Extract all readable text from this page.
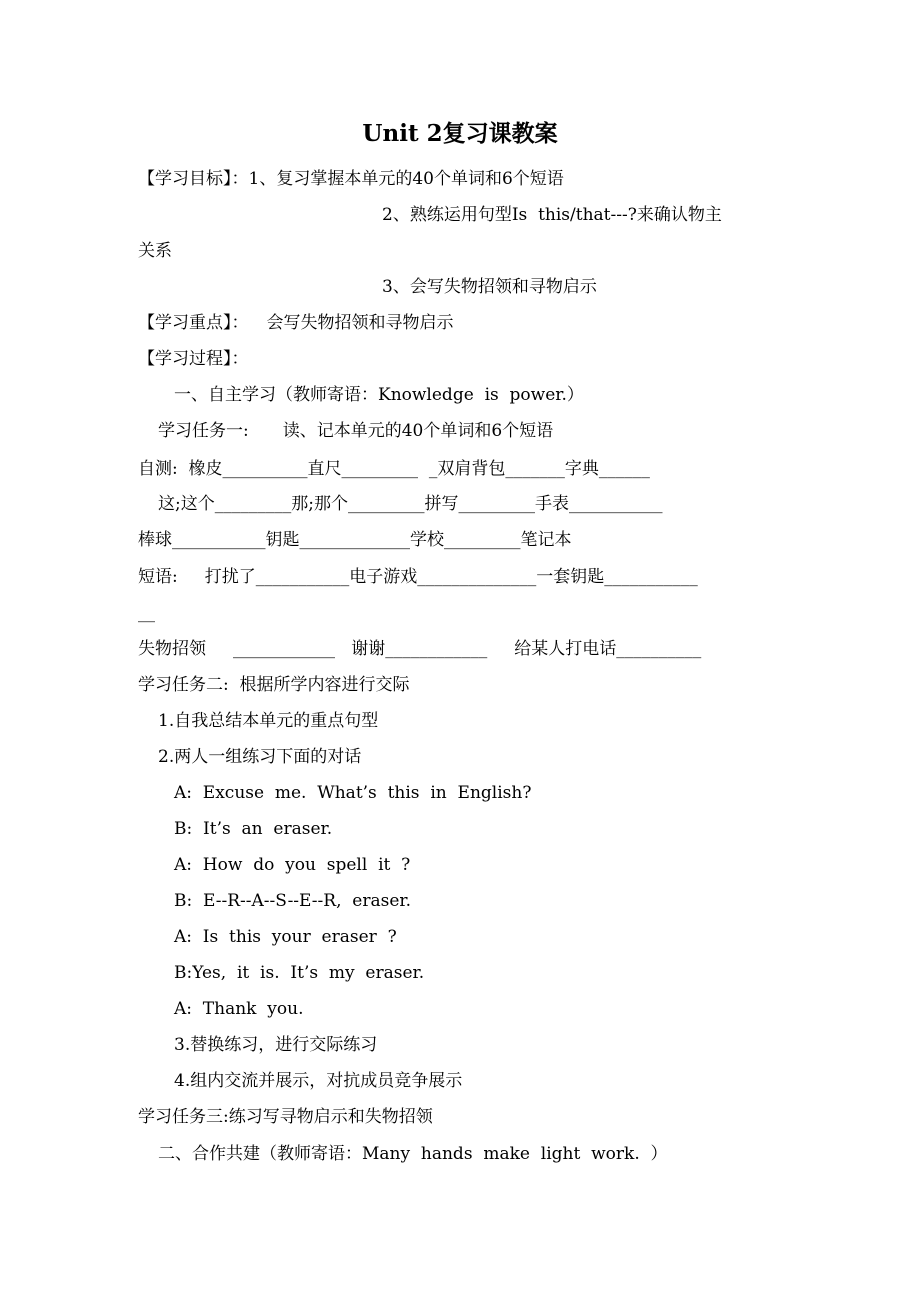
Unit 2复习课教案
【学习目标】：1、复习掌握本单元的40个单词和6个短语
2、熟练运用句型Is  this/that---?来确认物主
关系
3、会写失物招领和寻物启示
【学习重点】： 会写失物招领和寻物启示
【学习过程】：
一、自主学习（教师寄语：Knowledge  is  power.）
学习任务一: 读、记本单元的40个单词和6个短语
自测:  橡皮__________直尺_________  _双肩背包_______字典______
这;这个_________那;那个_________拼写_________手表___________
棒球___________钥匙_____________学校_________笔记本
短语:     打扰了___________电子游戏______________一套钥匙___________
__
失物招领     ____________   谢谢____________     给某人打电话__________
学习任务二:  根据所学内容进行交际
1.自我总结本单元的重点句型
2.两人一组练习下面的对话
A:  Excuse  me.  What’s  this  in  English?
B:  It’s  an  eraser.
A:  How  do  you  spell  it  ?
B:  E--R--A--S--E--R,  eraser.
A:  Is  this  your  eraser  ?
B:Yes,  it  is.  It’s  my  eraser.
A:  Thank  you.
3.替换练习，进行交际练习
4.组内交流并展示，对抗成员竞争展示
学习任务三:练习写寻物启示和失物招领
二、合作共建（教师寄语：Many  hands  make  light  work.  ）
